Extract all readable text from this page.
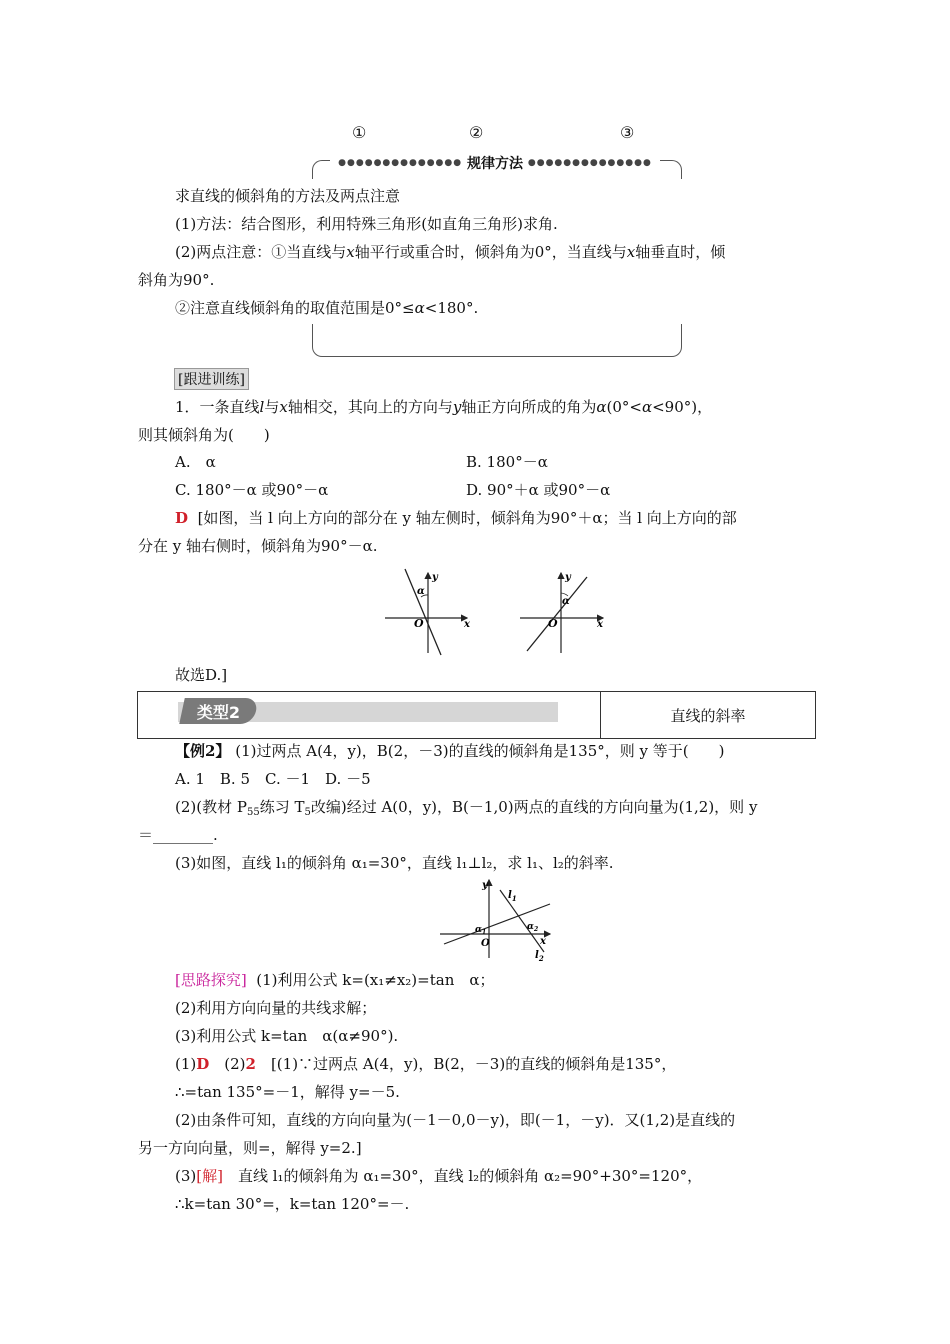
①	②	③
●●●●●●●●●●●●●●
规律方法
●●●●●●●●●●●●●●
求直线的倾斜角的方法及两点注意
(1)方法：结合图形，利用特殊三角形(如直角三角形)求角.
(2)两点注意：①当直线与x轴平行或重合时，倾斜角为0°，当直线与x轴垂直时，倾
斜角为90°.
②注意直线倾斜角的取值范围是0°≤α<180°.
[跟进训练]
1．一条直线l与x轴相交，其向上的方向与y轴正方向所成的角为α(0°<α<90°)，
则其倾斜角为(　　)
A.　α	B. 180°－α
C. 180°－α 或90°－α	D. 90°＋α 或90°－α
D [如图，当 l 向上方向的部分在 y 轴左侧时，倾斜角为90°＋α；当 l 向上方向的部
分在 y 轴右侧时，倾斜角为90°－α.
α
O	x
y
α
O	x
y
故选D.]
类型2	直线的斜率
【例2】 (1)过两点 A(4，y)，B(2，－3)的直线的倾斜角是135°，则 y 等于(　　)
A. 1　B. 5　C. －1　D. －5
(2)(教材 $P_{55}$练习 $T_5$改编)经过 A(0，y)，B(－1,0)两点的直线的方向向量为(1,2)，则 y
＝________.
(3)如图，直线 l₁的倾斜角 α₁=30°，直线 l₁⊥l₂，求 l₁、l₂的斜率.
y
x
O
$l_1$
$l_2$
$\alpha_1$
$\alpha_2$
[思路探究] (1)利用公式 k=(x₁≠x₂)=tan　α；
(2)利用方向向量的共线求解；
(3)利用公式 k=tan　α(α≠90°).
(1)D　(2)2　[(1)∵过两点 A(4，y)，B(2，－3)的直线的倾斜角是135°，
∴=tan 135°=－1，解得 y=－5.
(2)由条件可知，直线的方向向量为(－1－0,0－y)，即(－1，－y)．又(1,2)是直线的
另一方向向量，则=，解得 y=2.]
(3)[解]　直线 l₁的倾斜角为 α₁=30°，直线 l₂的倾斜角 α₂=90°+30°=120°，
∴k=tan 30°=，k=tan 120°=－.
